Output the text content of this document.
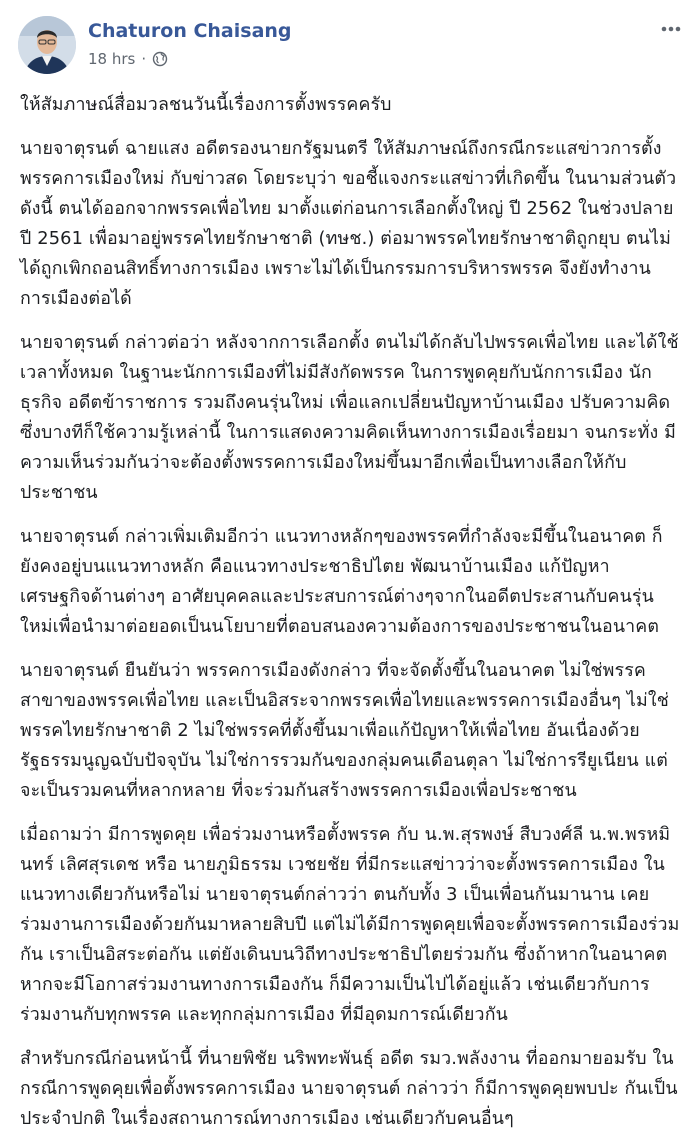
Chaturon Chaisang
18 hrs ·

ให้สัมภาษณ์สื่อมวลชนวันนี้เรื่องการตั้งพรรคครับ

นายจาตุรนต์ ฉายแสง อดีตรองนายกรัฐมนตรี ให้สัมภาษณ์ถึงกรณีกระแสข่าวการตั้งพรรคการเมืองใหม่ กับข่าวสด โดยระบุว่า ขอชี้แจงกระแสข่าวที่เกิดขึ้น ในนามส่วนตัว ดังนี้ ตนได้ออกจากพรรคเพื่อไทย มาตั้งแต่ก่อนการเลือกตั้งใหญ่ ปี 2562 ในช่วงปลายปี 2561 เพื่อมาอยู่พรรคไทยรักษาชาติ (ทษช.) ต่อมาพรรคไทยรักษาชาติถูกยุบ ตนไม่ได้ถูกเพิกถอนสิทธิ์ทางการเมือง เพราะไม่ได้เป็นกรรมการบริหารพรรค จึงยังทำงานการเมืองต่อได้

นายจาตุรนต์ กล่าวต่อว่า หลังจากการเลือกตั้ง ตนไม่ได้กลับไปพรรคเพื่อไทย และได้ใช้เวลาทั้งหมด ในฐานะนักการเมืองที่ไม่มีสังกัดพรรค ในการพูดคุยกับนักการเมือง นักธุรกิจ อดีตข้าราชการ รวมถึงคนรุ่นใหม่ เพื่อแลกเปลี่ยนปัญหาบ้านเมือง ปรับความคิด ซึ่งบางทีก็ใช้ความรู้เหล่านี้ ในการแสดงความคิดเห็นทางการเมืองเรื่อยมา จนกระทั่ง มีความเห็นร่วมกันว่าจะต้องตั้งพรรคการเมืองใหม่ขึ้นมาอีกเพื่อเป็นทางเลือกให้กับประชาชน

นายจาตุรนต์ กล่าวเพิ่มเติมอีกว่า แนวทางหลักๆของพรรคที่กำลังจะมีขึ้นในอนาคต ก็ยังคงอยู่บนแนวทางหลัก คือแนวทางประชาธิปไตย พัฒนาบ้านเมือง แก้ปัญหาเศรษฐกิจด้านต่างๆ อาศัยบุคคลและประสบการณ์ต่างๆจากในอดีตประสานกับคนรุ่นใหม่เพื่อนำมาต่อยอดเป็นนโยบายที่ตอบสนองความต้องการของประชาชนในอนาคต

นายจาตุรนต์ ยืนยันว่า พรรคการเมืองดังกล่าว ที่จะจัดตั้งขึ้นในอนาคต ไม่ใช่พรรคสาขาของพรรคเพื่อไทย และเป็นอิสระจากพรรคเพื่อไทยและพรรคการเมืองอื่นๆ ไม่ใช่พรรคไทยรักษาชาติ 2 ไม่ใช่พรรคที่ตั้งขึ้นมาเพื่อแก้ปัญหาให้เพื่อไทย อันเนื่องด้วยรัฐธรรมนูญฉบับปัจจุบัน ไม่ใช่การรวมกันของกลุ่มคนเดือนตุลา ไม่ใช่การรียูเนียน แต่จะเป็นรวมคนที่หลากหลาย ที่จะร่วมกันสร้างพรรคการเมืองเพื่อประชาชน

เมื่อถามว่า มีการพูดคุย เพื่อร่วมงานหรือตั้งพรรค กับ น.พ.สุรพงษ์ สืบวงศ์ลี น.พ.พรหมินทร์ เลิศสุรเดช หรือ นายภูมิธรรม เวชยชัย ที่มีกระแสข่าวว่าจะตั้งพรรคการเมือง ในแนวทางเดียวกันหรือไม่ นายจาตุรนต์กล่าวว่า ตนกับทั้ง 3 เป็นเพื่อนกันมานาน เคยร่วมงานการเมืองด้วยกันมาหลายสิบปี แต่ไม่ได้มีการพูดคุยเพื่อจะตั้งพรรคการเมืองร่วมกัน เราเป็นอิสระต่อกัน แต่ยังเดินบนวิถีทางประชาธิปไตยร่วมกัน ซึ่งถ้าหากในอนาคต หากจะมีโอกาสร่วมงานทางการเมืองกัน ก็มีความเป็นไปได้อยู่แล้ว เช่นเดียวกับการร่วมงานกับทุกพรรค และทุกกลุ่มการเมือง ที่มีอุดมการณ์เดียวกัน

สำหรับกรณีก่อนหน้านี้ ที่นายพิชัย นริพทะพันธุ์ อดีต รมว.พลังงาน ที่ออกมายอมรับ ในกรณีการพูดคุยเพื่อตั้งพรรคการเมือง นายจาตุรนต์ กล่าวว่า ก็มีการพูดคุยพบปะ กันเป็นประจำปกติ ในเรื่องสถานการณ์ทางการเมือง เช่นเดียวกับคนอื่นๆ
